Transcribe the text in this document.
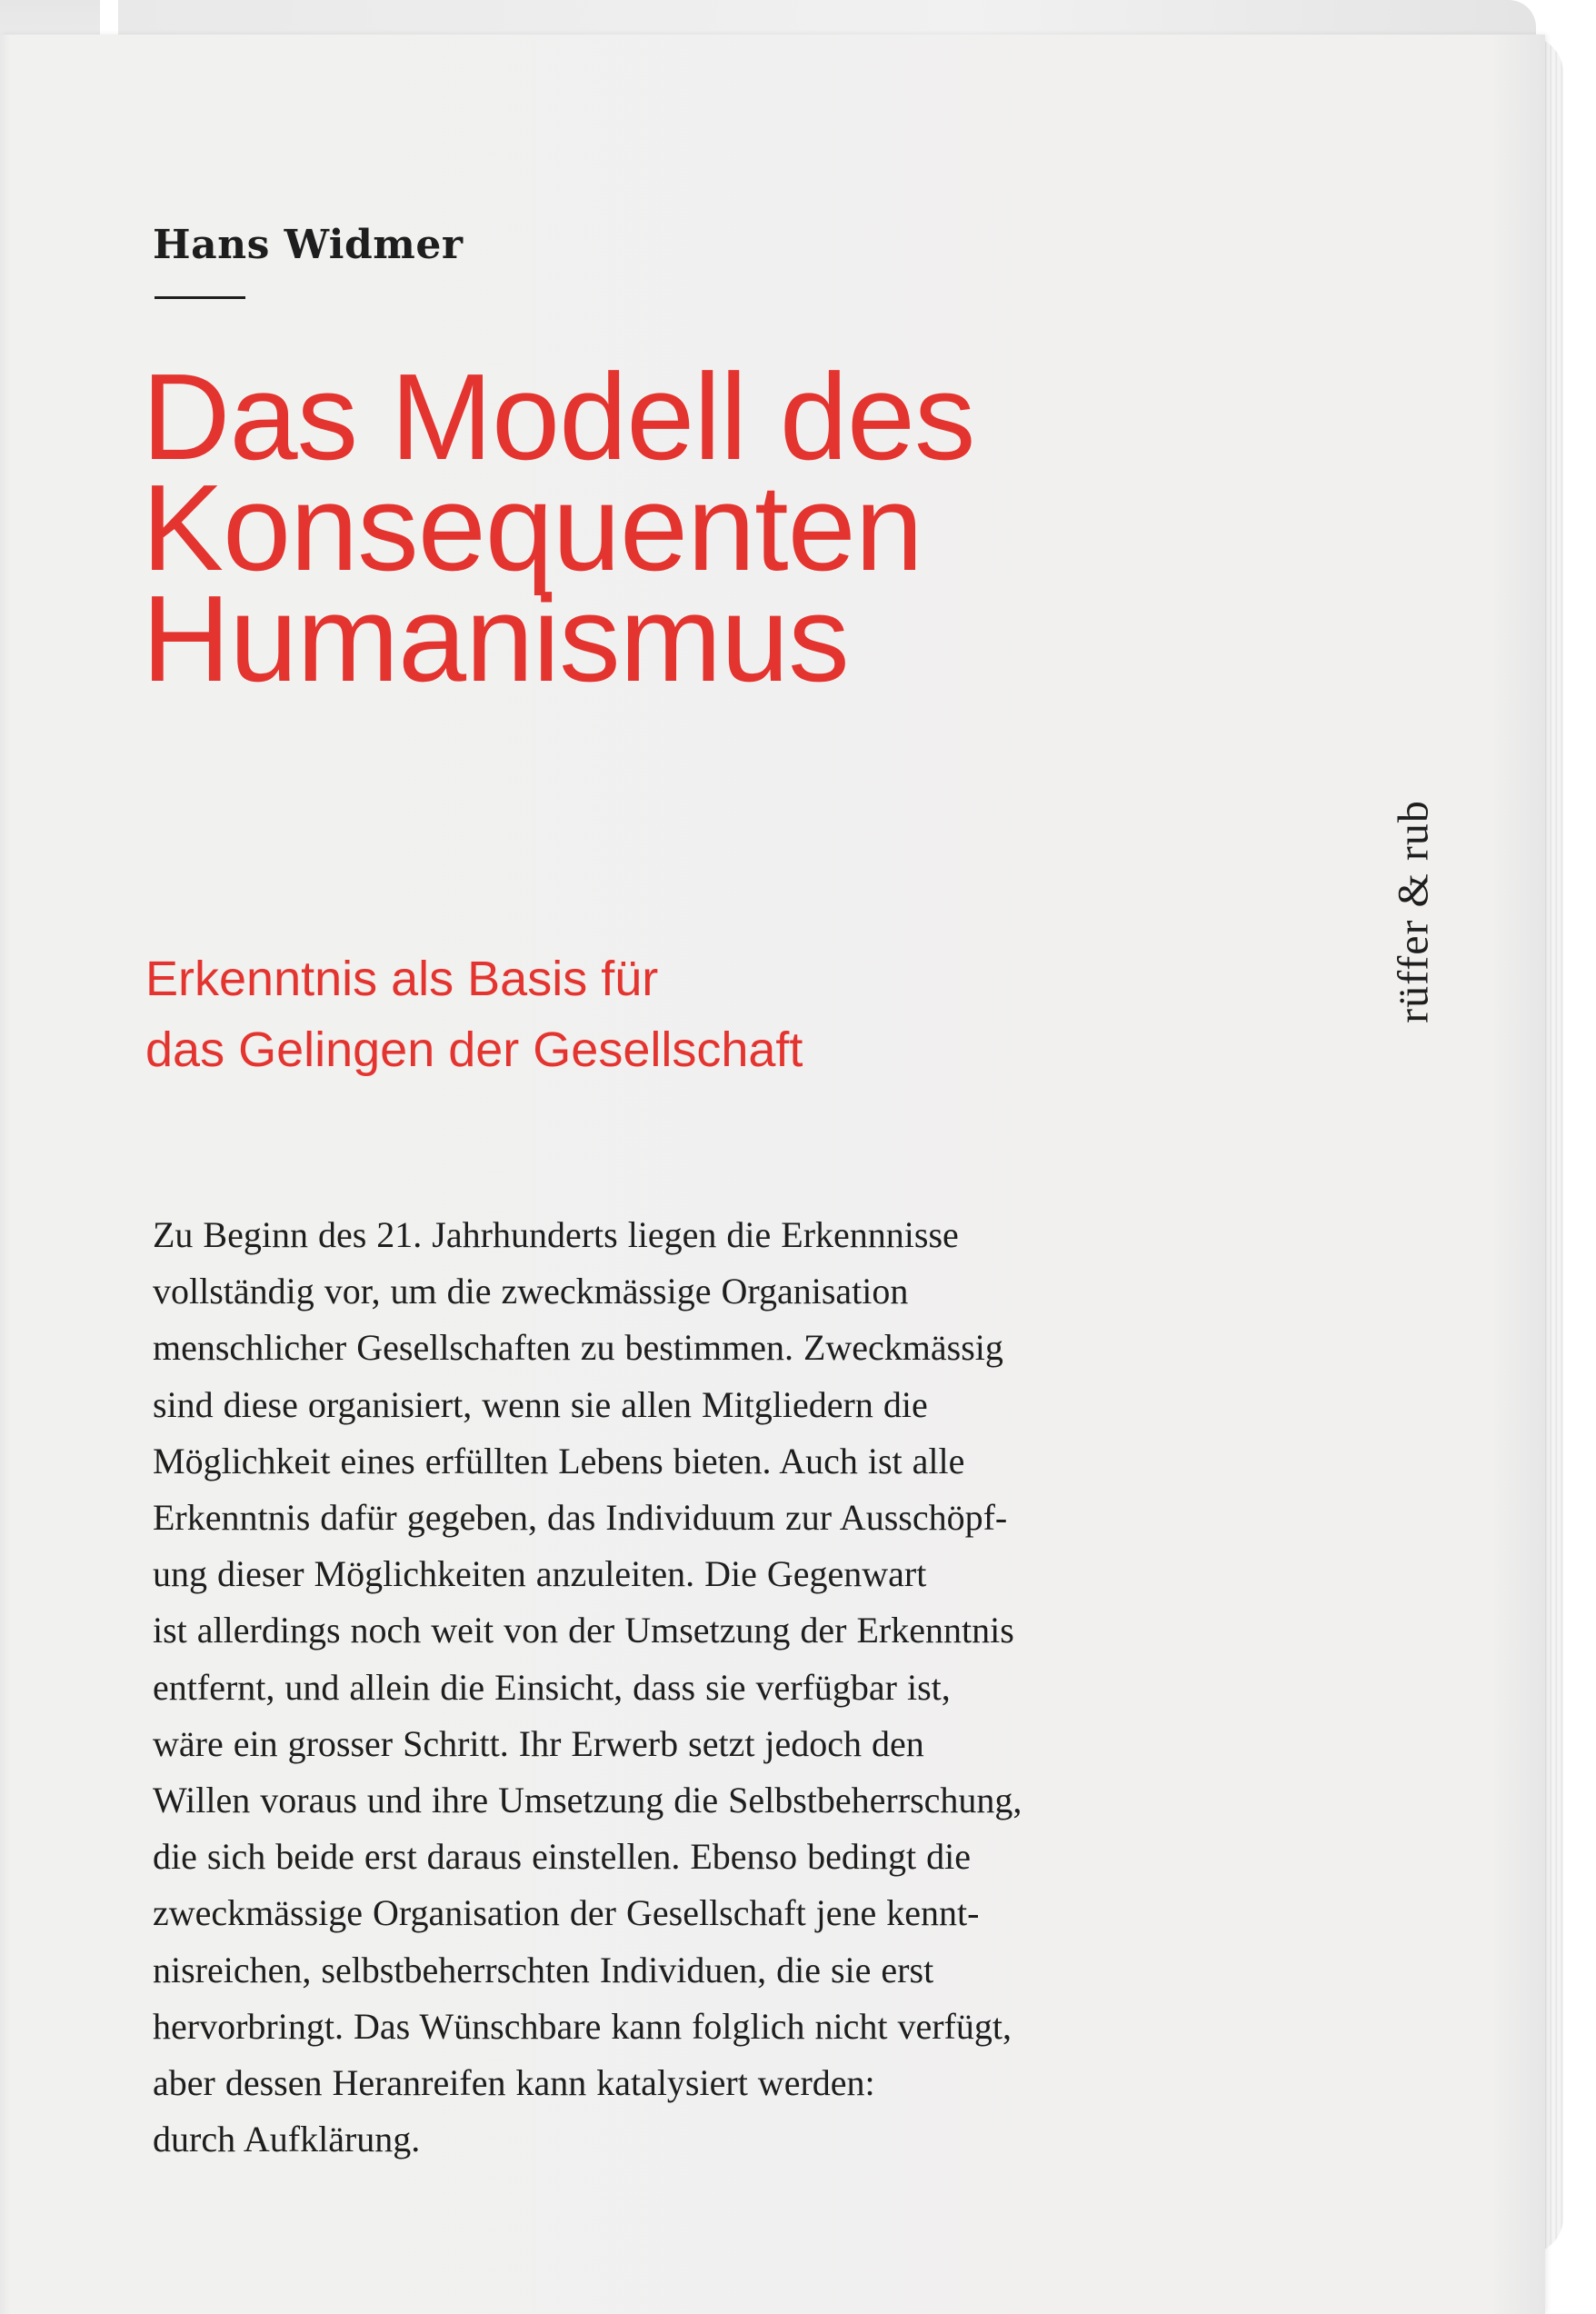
Hans Widmer

Das Modell des
Konsequenten
Humanismus
Erkenntnis als Basis für
das Gelingen der Gesellschaft
rüffer & rub

Zu Beginn des 21. Jahrhunderts liegen die Erkennnisse
vollständig vor, um die zweckmässige Organisation
menschlicher Gesellschaften zu bestimmen. Zweckmässig
sind diese organisiert, wenn sie allen Mitgliedern die
Möglichkeit eines erfüllten Lebens bieten. Auch ist alle
Erkenntnis dafür gegeben, das Individuum zur Ausschöpf-
ung dieser Möglichkeiten anzuleiten. Die Gegenwart
ist allerdings noch weit von der Umsetzung der Erkenntnis
entfernt, und allein die Einsicht, dass sie verfügbar ist,
wäre ein grosser Schritt. Ihr Erwerb setzt jedoch den
Willen voraus und ihre Umsetzung die Selbstbeherrschung,
die sich beide erst daraus einstellen. Ebenso bedingt die
zweckmässige Organisation der Gesellschaft jene kennt-
nisreichen, selbstbeherrschten Individuen, die sie erst
hervorbringt. Das Wünschbare kann folglich nicht verfügt,
aber dessen Heranreifen kann katalysiert werden:
durch Aufklärung.
